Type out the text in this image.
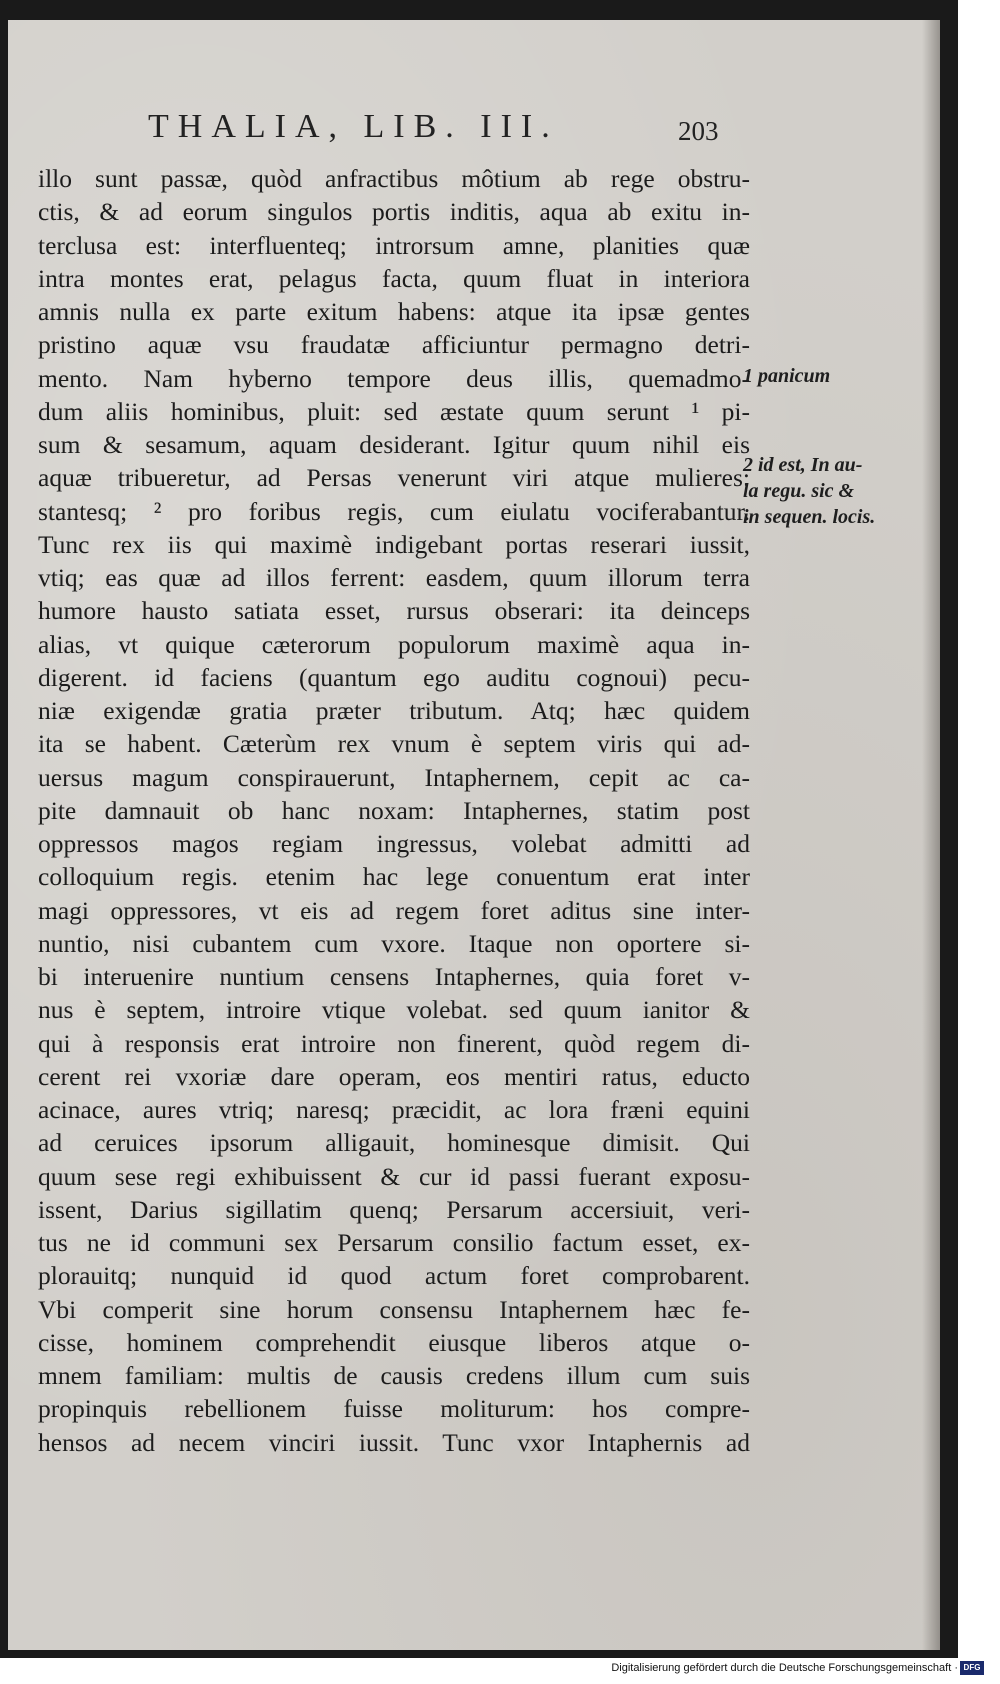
THALIA, LIB. III.	203
illo sunt passæ, quòd anfractibus môtium ab rege obstru-
ctis, & ad eorum singulos portis inditis, aqua ab exitu in-
terclusa est: interfluenteq; introrsum amne, planities quæ
intra montes erat, pelagus facta, quum fluat in interiora
amnis nulla ex parte exitum habens: atque ita ipsæ gentes
pristino aquæ vsu fraudatæ afficiuntur permagno detri-
mento. Nam hyberno tempore deus illis, quemadmo-
dum aliis hominibus, pluit: sed æstate quum serunt ¹ pi-
sum & sesamum, aquam desiderant. Igitur quum nihil eis
aquæ tribueretur, ad Persas venerunt viri atque mulieres:
stantesq; ² pro foribus regis, cum eiulatu vociferabantur.
Tunc rex iis qui maximè indigebant portas reserari iussit,
vtiq; eas quæ ad illos ferrent: easdem, quum illorum terra
humore hausto satiata esset, rursus obserari: ita deinceps
alias, vt quique cæterorum populorum maximè aqua in-
digerent. id faciens (quantum ego auditu cognoui) pecu-
niæ exigendæ gratia præter tributum. Atq; hæc quidem
ita se habent. Cæterùm rex vnum è septem viris qui ad-
uersus magum conspirauerunt, Intaphernem, cepit ac ca-
pite damnauit ob hanc noxam: Intaphernes, statim post
oppressos magos regiam ingressus, volebat admitti ad
colloquium regis. etenim hac lege conuentum erat inter
magi oppressores, vt eis ad regem foret aditus sine inter-
nuntio, nisi cubantem cum vxore. Itaque non oportere si-
bi interuenire nuntium censens Intaphernes, quia foret v-
nus è septem, introire vtique volebat. sed quum ianitor &
qui à responsis erat introire non finerent, quòd regem di-
cerent rei vxoriæ dare operam, eos mentiri ratus, educto
acinace, aures vtriq; naresq; præcidit, ac lora fræni equini
ad ceruices ipsorum alligauit, hominesque dimisit. Qui
quum sese regi exhibuissent & cur id passi fuerant exposu-
issent, Darius sigillatim quenq; Persarum accersiuit, veri-
tus ne id communi sex Persarum consilio factum esset, ex-
plorauitq; nunquid id quod actum foret comprobarent.
Vbi comperit sine horum consensu Intaphernem hæc fe-
cisse, hominem comprehendit eiusque liberos atque o-
mnem familiam: multis de causis credens illum cum suis
propinquis rebellionem fuisse moliturum: hos compre-
hensos ad necem vinciri iussit. Tunc vxor Intaphernis ad
1 panicum
2 id est, In au-
la regu. sic &
in sequen. locis.
Digitalisierung gefördert durch die Deutsche Forschungsgemeinschaft · DFG
